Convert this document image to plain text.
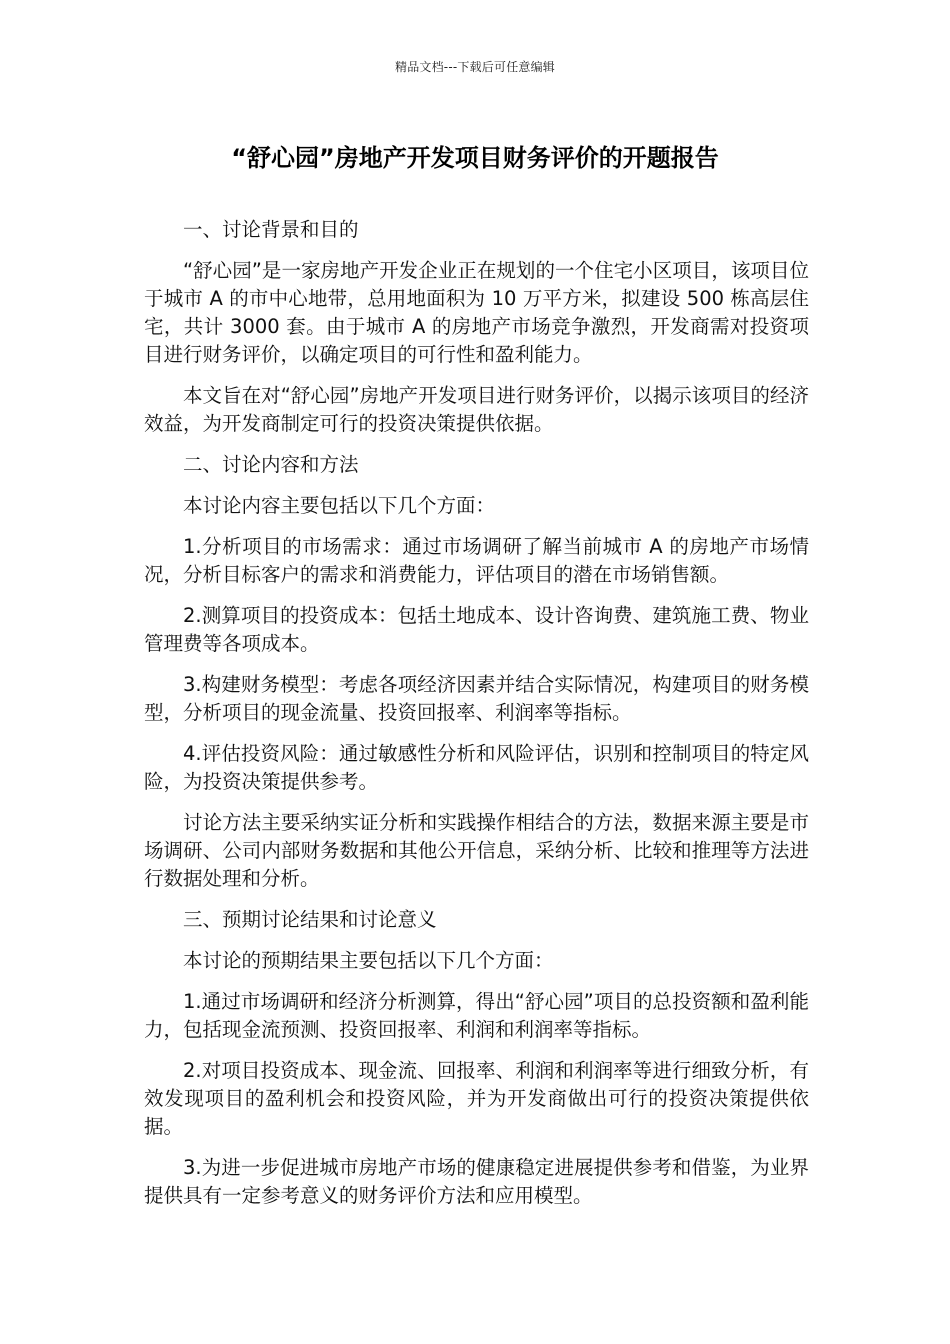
精品文档---下载后可任意编辑
“舒心园”房地产开发项目财务评价的开题报告

一、讨论背景和目的

“舒心园”是一家房地产开发企业正在规划的一个住宅小区项目，该项目位于城市 A 的市中心地带，总用地面积为 10 万平方米，拟建设 500 栋高层住宅，共计 3000 套。由于城市 A 的房地产市场竞争激烈，开发商需对投资项目进行财务评价，以确定项目的可行性和盈利能力。

本文旨在对“舒心园”房地产开发项目进行财务评价，以揭示该项目的经济效益，为开发商制定可行的投资决策提供依据。

二、讨论内容和方法

本讨论内容主要包括以下几个方面：

1.分析项目的市场需求：通过市场调研了解当前城市 A 的房地产市场情况，分析目标客户的需求和消费能力，评估项目的潜在市场销售额。

2.测算项目的投资成本：包括土地成本、设计咨询费、建筑施工费、物业管理费等各项成本。

3.构建财务模型：考虑各项经济因素并结合实际情况，构建项目的财务模型，分析项目的现金流量、投资回报率、利润率等指标。

4.评估投资风险：通过敏感性分析和风险评估，识别和控制项目的特定风险，为投资决策提供参考。

讨论方法主要采纳实证分析和实践操作相结合的方法，数据来源主要是市场调研、公司内部财务数据和其他公开信息，采纳分析、比较和推理等方法进行数据处理和分析。

三、预期讨论结果和讨论意义

本讨论的预期结果主要包括以下几个方面：

1.通过市场调研和经济分析测算，得出“舒心园”项目的总投资额和盈利能力，包括现金流预测、投资回报率、利润和利润率等指标。

2.对项目投资成本、现金流、回报率、利润和利润率等进行细致分析，有效发现项目的盈利机会和投资风险，并为开发商做出可行的投资决策提供依据。

3.为进一步促进城市房地产市场的健康稳定进展提供参考和借鉴，为业界提供具有一定参考意义的财务评价方法和应用模型。
